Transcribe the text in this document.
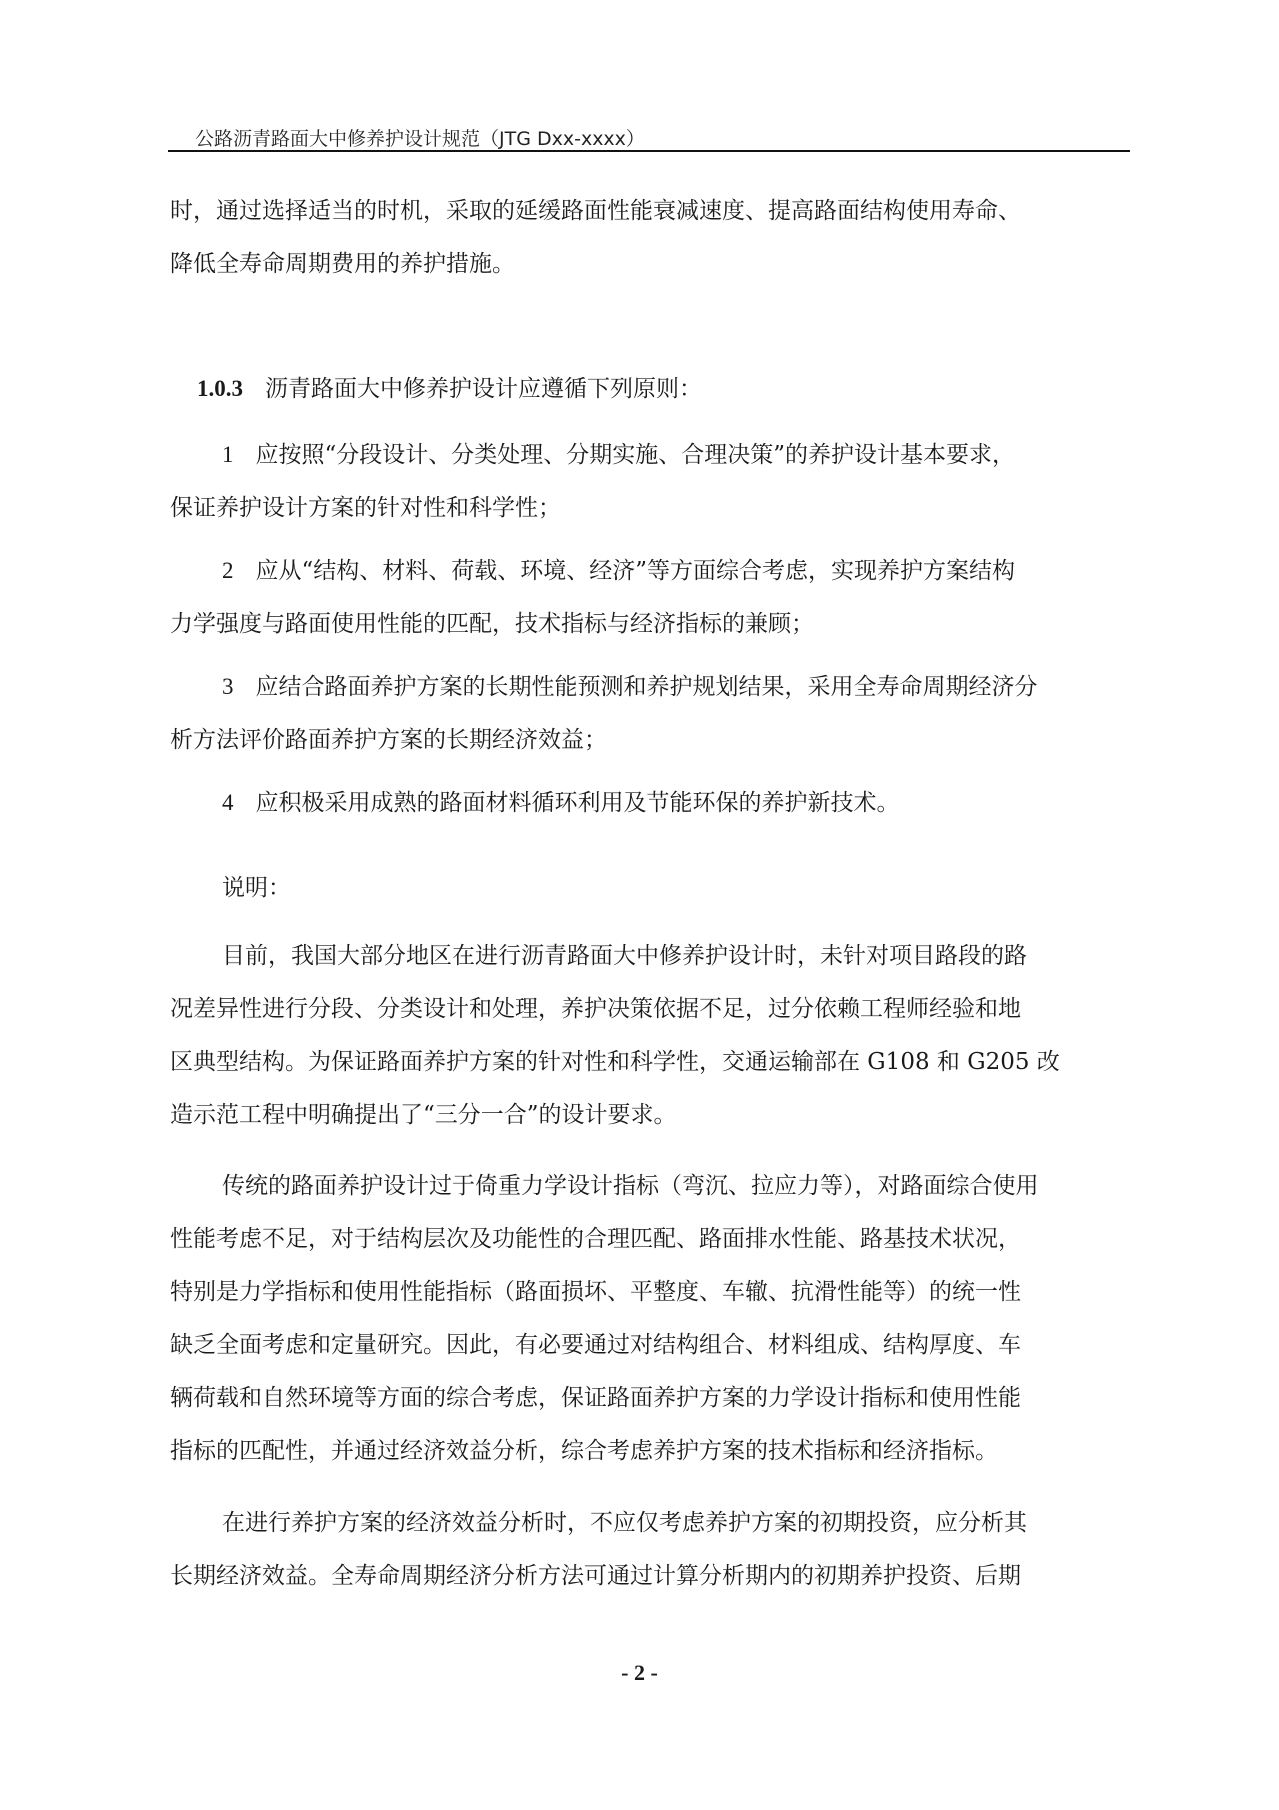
公路沥青路面大中修养护设计规范（JTG Dxx-xxxx）

时，通过选择适当的时机，采取的延缓路面性能衰减速度、提高路面结构使用寿命、

降低全寿命周期费用的养护措施。

1.0.3 沥青路面大中修养护设计应遵循下列原则：

1 应按照“分段设计、分类处理、分期实施、合理决策”的养护设计基本要求，

保证养护设计方案的针对性和科学性；

2 应从“结构、材料、荷载、环境、经济”等方面综合考虑，实现养护方案结构

力学强度与路面使用性能的匹配，技术指标与经济指标的兼顾；

3 应结合路面养护方案的长期性能预测和养护规划结果，采用全寿命周期经济分

析方法评价路面养护方案的长期经济效益；

4 应积极采用成熟的路面材料循环利用及节能环保的养护新技术。

说明：

目前，我国大部分地区在进行沥青路面大中修养护设计时，未针对项目路段的路

况差异性进行分段、分类设计和处理，养护决策依据不足，过分依赖工程师经验和地

区典型结构。为保证路面养护方案的针对性和科学性，交通运输部在 G108 和 G205 改

造示范工程中明确提出了“三分一合”的设计要求。

传统的路面养护设计过于倚重力学设计指标（弯沉、拉应力等），对路面综合使用

性能考虑不足，对于结构层次及功能性的合理匹配、路面排水性能、路基技术状况，

特别是力学指标和使用性能指标（路面损坏、平整度、车辙、抗滑性能等）的统一性

缺乏全面考虑和定量研究。因此，有必要通过对结构组合、材料组成、结构厚度、车

辆荷载和自然环境等方面的综合考虑，保证路面养护方案的力学设计指标和使用性能

指标的匹配性，并通过经济效益分析，综合考虑养护方案的技术指标和经济指标。

在进行养护方案的经济效益分析时，不应仅考虑养护方案的初期投资，应分析其

长期经济效益。全寿命周期经济分析方法可通过计算分析期内的初期养护投资、后期

- 2 -
